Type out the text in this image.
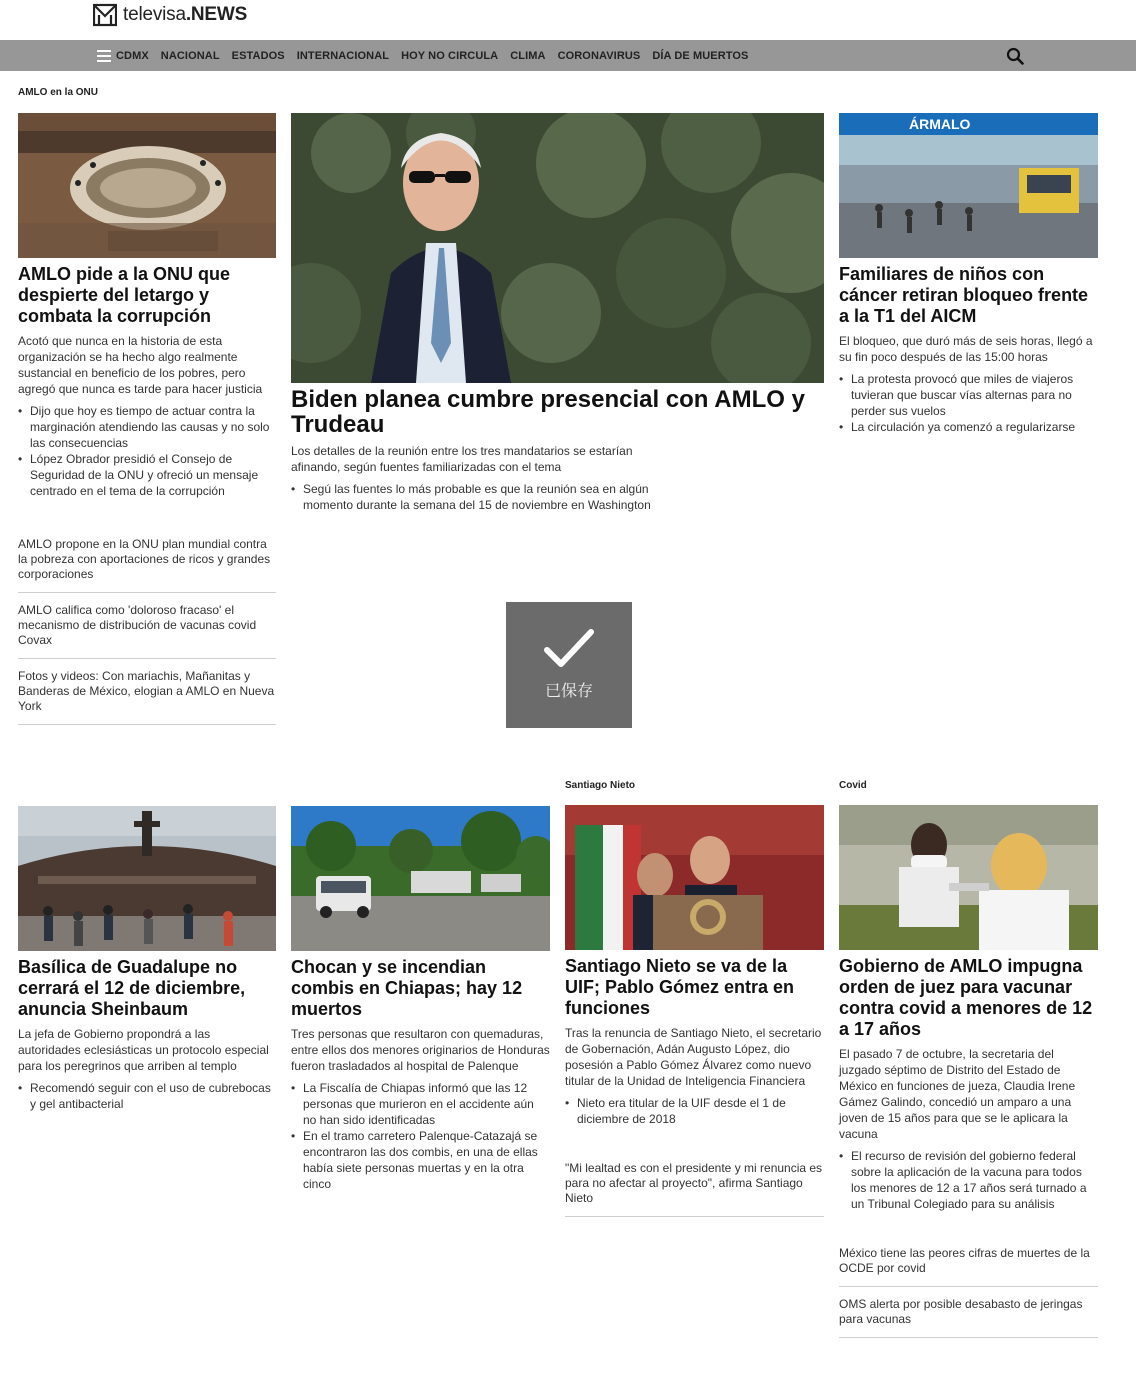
televisa.NEWS
CDMX NACIONAL ESTADOS INTERNACIONAL HOY NO CIRCULA CLIMA CORONAVIRUS DÍA DE MUERTOS
AMLO en la ONU
AMLO pide a la ONU que despierte del letargo y combata la corrupción

Acotó que nunca en la historia de esta organización se ha hecho algo realmente sustancial en beneficio de los pobres, pero agregó que nunca es tarde para hacer justicia

• Dijo que hoy es tiempo de actuar contra la marginación atendiendo las causas y no solo las consecuencias
• López Obrador presidió el Consejo de Seguridad de la ONU y ofreció un mensaje centrado en el tema de la corrupción
AMLO propone en la ONU plan mundial contra la pobreza con aportaciones de ricos y grandes corporaciones
AMLO califica como 'doloroso fracaso' el mecanismo de distribución de vacunas covid Covax
Fotos y videos: Con mariachis, Mañanitas y Banderas de México, elogian a AMLO en Nueva York
Biden planea cumbre presencial con AMLO y Trudeau

Los detalles de la reunión entre los tres mandatarios se estarían afinando, según fuentes familiarizadas con el tema

• Segú las fuentes lo más probable es que la reunión sea en algún momento durante la semana del 15 de noviembre en Washington
ÁRMALO
Familiares de niños con cáncer retiran bloqueo frente a la T1 del AICM

El bloqueo, que duró más de seis horas, llegó a su fin poco después de las 15:00 horas

• La protesta provocó que miles de viajeros tuvieran que buscar vías alternas para no perder sus vuelos
• La circulación ya comenzó a regularizarse
已保存
Santiago Nieto	Covid
Basílica de Guadalupe no cerrará el 12 de diciembre, anuncia Sheinbaum

La jefa de Gobierno propondrá a las autoridades eclesiásticas un protocolo especial para los peregrinos que arriben al templo

• Recomendó seguir con el uso de cubrebocas y gel antibacterial
Chocan y se incendian combis en Chiapas; hay 12 muertos

Tres personas que resultaron con quemaduras, entre ellos dos menores originarios de Honduras fueron trasladados al hospital de Palenque

• La Fiscalía de Chiapas informó que las 12 personas que murieron en el accidente aún no han sido identificadas
• En el tramo carretero Palenque-Catazajá se encontraron las dos combis, en una de ellas había siete personas muertas y en la otra cinco
Santiago Nieto se va de la UIF; Pablo Gómez entra en funciones

Tras la renuncia de Santiago Nieto, el secretario de Gobernación, Adán Augusto López, dio posesión a Pablo Gómez Álvarez como nuevo titular de la Unidad de Inteligencia Financiera

• Nieto era titular de la UIF desde el 1 de diciembre de 2018
"Mi lealtad es con el presidente y mi renuncia es para no afectar al proyecto", afirma Santiago Nieto
Gobierno de AMLO impugna orden de juez para vacunar contra covid a menores de 12 a 17 años

El pasado 7 de octubre, la secretaria del juzgado séptimo de Distrito del Estado de México en funciones de jueza, Claudia Irene Gámez Galindo, concedió un amparo a una joven de 15 años para que se le aplicara la vacuna

• El recurso de revisión del gobierno federal sobre la aplicación de la vacuna para todos los menores de 12 a 17 años será turnado a un Tribunal Colegiado para su análisis
México tiene las peores cifras de muertes de la OCDE por covid
OMS alerta por posible desabasto de jeringas para vacunas
